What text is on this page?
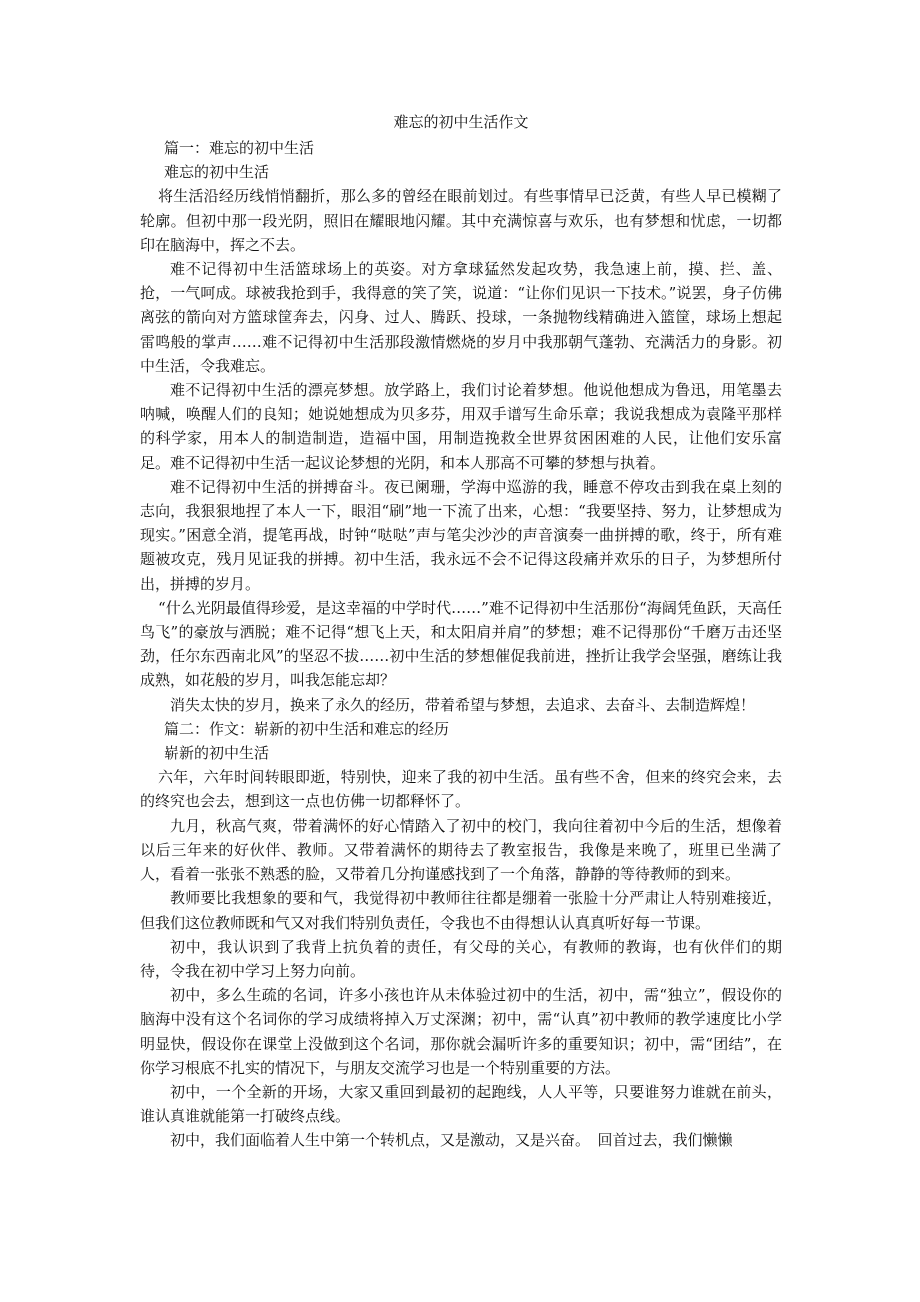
难忘的初中生活作文

篇一：难忘的初中生活

难忘的初中生活

将生活沿经历线悄悄翻折，那么多的曾经在眼前划过。有些事情早已泛黄，有些人早已模糊了轮廓。但初中那一段光阴，照旧在耀眼地闪耀。其中充满惊喜与欢乐，也有梦想和忧虑，一切都印在脑海中，挥之不去。

难不记得初中生活篮球场上的英姿。对方拿球猛然发起攻势，我急速上前，摸、拦、盖、抢，一气呵成。球被我抢到手，我得意的笑了笑，说道：“让你们见识一下技术。”说罢，身子仿佛离弦的箭向对方篮球筐奔去，闪身、过人、腾跃、投球，一条抛物线精确进入篮筐，球场上想起雷鸣般的掌声……难不记得初中生活那段激情燃烧的岁月中我那朝气蓬勃、充满活力的身影。初中生活，令我难忘。

难不记得初中生活的漂亮梦想。放学路上，我们讨论着梦想。他说他想成为鲁迅，用笔墨去呐喊，唤醒人们的良知；她说她想成为贝多芬，用双手谱写生命乐章；我说我想成为袁隆平那样的科学家，用本人的制造制造，造福中国，用制造挽救全世界贫困困难的人民，让他们安乐富足。难不记得初中生活一起议论梦想的光阴，和本人那高不可攀的梦想与执着。

难不记得初中生活的拼搏奋斗。夜已阑珊，学海中巡游的我，睡意不停攻击到我在桌上刻的志向，我狠狠地捏了本人一下，眼泪“刷”地一下流了出来，心想：“我要坚持、努力，让梦想成为现实。”困意全消，提笔再战，时钟“哒哒”声与笔尖沙沙的声音演奏一曲拼搏的歌，终于，所有难题被攻克，残月见证我的拼搏。初中生活，我永远不会不记得这段痛并欢乐的日子，为梦想所付出，拼搏的岁月。

“什么光阴最值得珍爱，是这幸福的中学时代……”难不记得初中生活那份“海阔凭鱼跃，天高任鸟飞”的豪放与洒脱；难不记得“想飞上天，和太阳肩并肩”的梦想；难不记得那份“千磨万击还坚劲，任尔东西南北风”的坚忍不拔……初中生活的梦想催促我前进，挫折让我学会坚强，磨练让我成熟，如花般的岁月，叫我怎能忘却？

消失太快的岁月，换来了永久的经历，带着希望与梦想，去追求、去奋斗、去制造辉煌！

篇二：作文：崭新的初中生活和难忘的经历

崭新的初中生活

六年，六年时间转眼即逝，特别快，迎来了我的初中生活。虽有些不舍，但来的终究会来，去的终究也会去，想到这一点也仿佛一切都释怀了。

九月，秋高气爽，带着满怀的好心情踏入了初中的校门，我向往着初中今后的生活，想像着以后三年来的好伙伴、教师。又带着满怀的期待去了教室报告，我像是来晚了，班里已坐满了人，看着一张张不熟悉的脸，又带着几分拘谨感找到了一个角落，静静的等待教师的到来。

教师要比我想象的要和气，我觉得初中教师往往都是绷着一张脸十分严肃让人特别难接近，但我们这位教师既和气又对我们特别负责任，令我也不由得想认认真真听好每一节课。

初中，我认识到了我背上抗负着的责任，有父母的关心，有教师的教诲，也有伙伴们的期待，令我在初中学习上努力向前。

初中，多么生疏的名词，许多小孩也许从未体验过初中的生活，初中，需“独立”，假设你的脑海中没有这个名词你的学习成绩将掉入万丈深渊；初中，需“认真”初中教师的教学速度比小学明显快，假设你在课堂上没做到这个名词，那你就会漏听许多的重要知识；初中，需“团结”，在你学习根底不扎实的情况下，与朋友交流学习也是一个特别重要的方法。

初中，一个全新的开场，大家又重回到最初的起跑线，人人平等，只要谁努力谁就在前头，谁认真谁就能第一打破终点线。

初中，我们面临着人生中第一个转机点，又是激动，又是兴奋。　回首过去，我们懒懒
